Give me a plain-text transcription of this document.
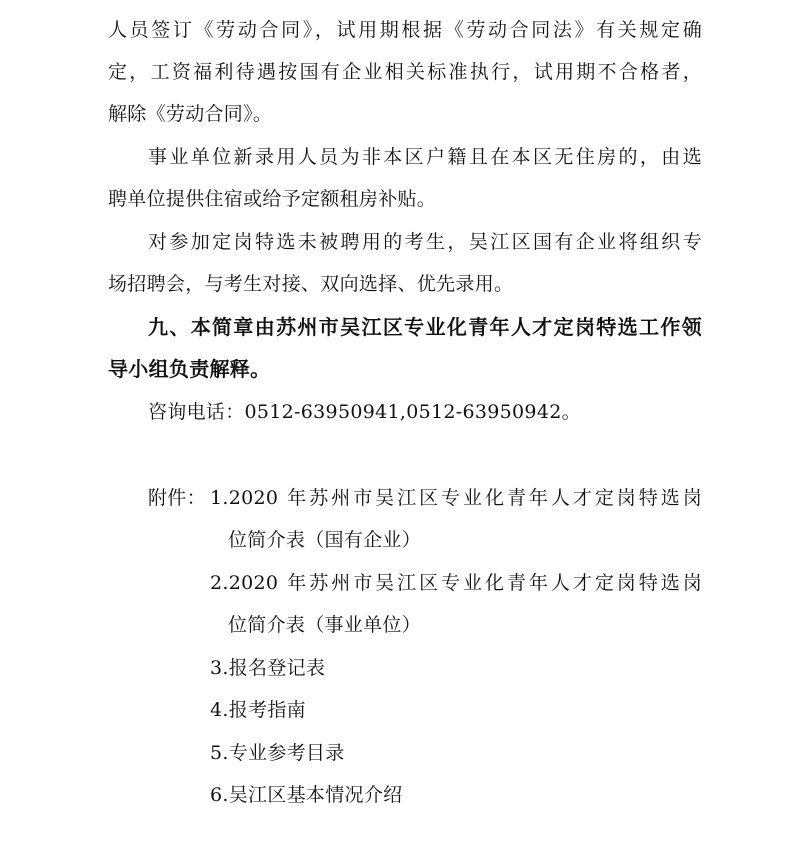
人员签订《劳动合同》，试用期根据《劳动合同法》有关规定确
定，工资福利待遇按国有企业相关标准执行，试用期不合格者，
解除《劳动合同》。
事业单位新录用人员为非本区户籍且在本区无住房的，由选
聘单位提供住宿或给予定额租房补贴。
对参加定岗特选未被聘用的考生，吴江区国有企业将组织专
场招聘会，与考生对接、双向选择、优先录用。
九、本简章由苏州市吴江区专业化青年人才定岗特选工作领
导小组负责解释。
咨询电话：0512-63950941,0512-63950942。
附件： 1.2020 年苏州市吴江区专业化青年人才定岗特选岗
位简介表（国有企业）
2.2020 年苏州市吴江区专业化青年人才定岗特选岗
位简介表（事业单位）
3.报名登记表
4.报考指南
5.专业参考目录
6.吴江区基本情况介绍
